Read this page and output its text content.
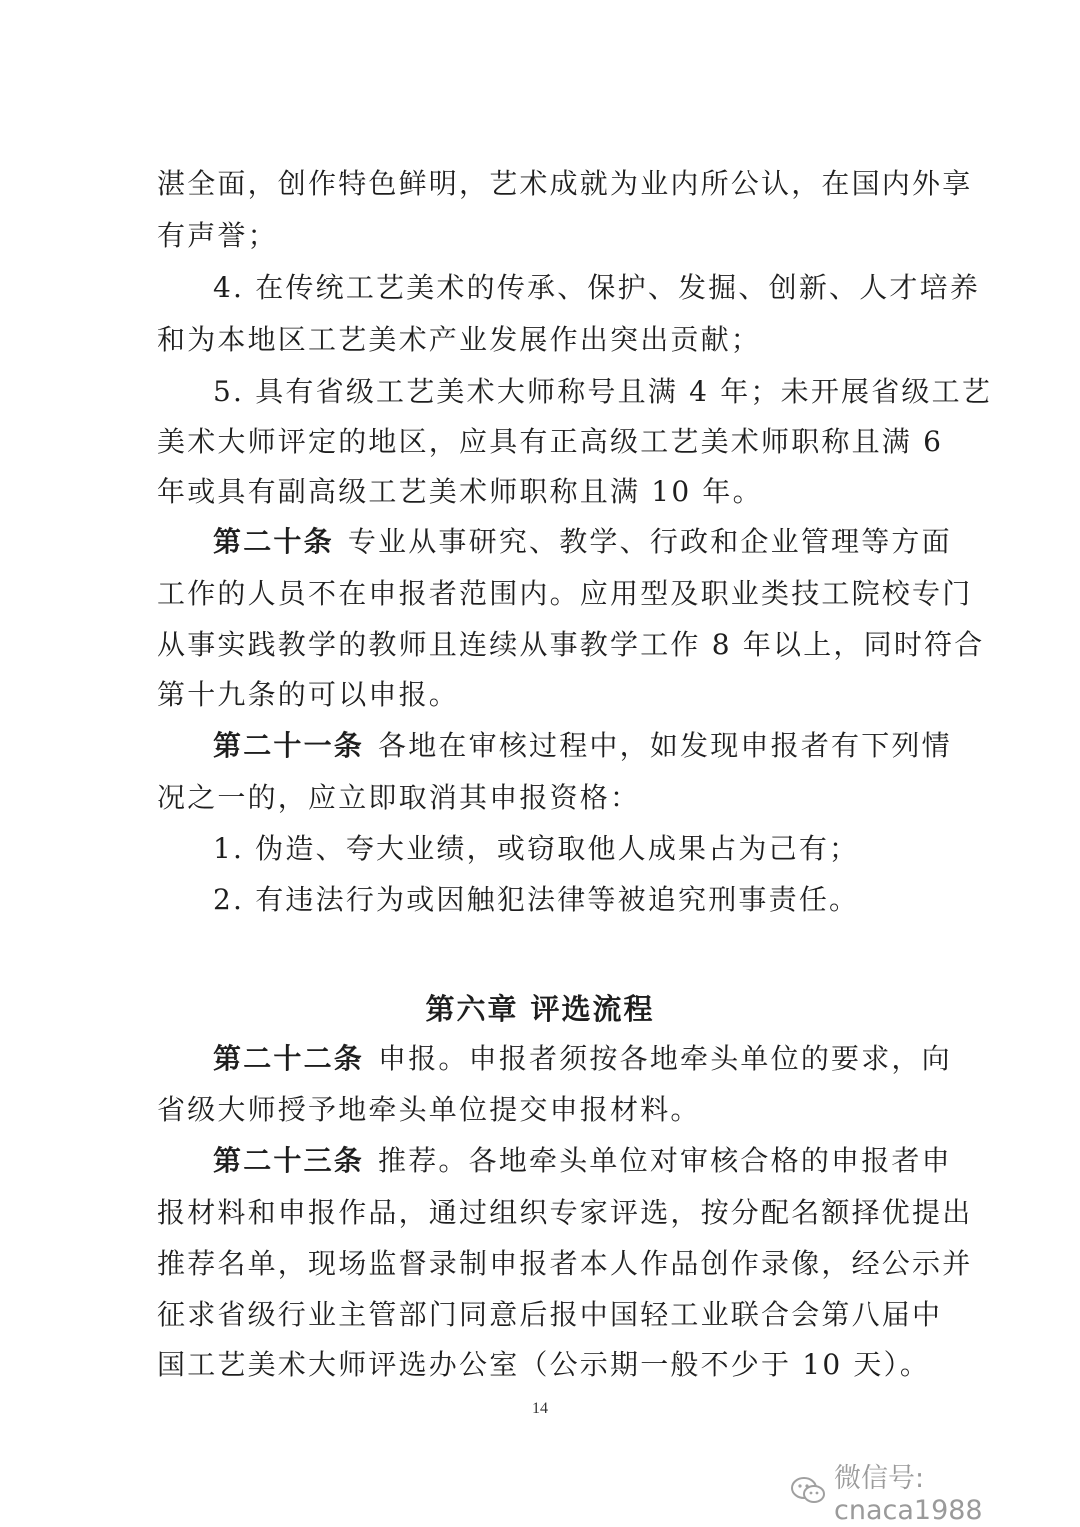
湛全面，创作特色鲜明，艺术成就为业内所公认，在国内外享
有声誉；
4. 在传统工艺美术的传承、保护、发掘、创新、人才培养
和为本地区工艺美术产业发展作出突出贡献；
5. 具有省级工艺美术大师称号且满 4 年；未开展省级工艺
美术大师评定的地区，应具有正高级工艺美术师职称且满 6
年或具有副高级工艺美术师职称且满 10 年。
第二十条 专业从事研究、教学、行政和企业管理等方面
工作的人员不在申报者范围内。应用型及职业类技工院校专门
从事实践教学的教师且连续从事教学工作 8 年以上，同时符合
第十九条的可以申报。
第二十一条 各地在审核过程中，如发现申报者有下列情
况之一的，应立即取消其申报资格：
1. 伪造、夸大业绩，或窃取他人成果占为己有；
2. 有违法行为或因触犯法律等被追究刑事责任。
第六章 评选流程
第二十二条 申报。申报者须按各地牵头单位的要求，向
省级大师授予地牵头单位提交申报材料。
第二十三条 推荐。各地牵头单位对审核合格的申报者申
报材料和申报作品，通过组织专家评选，按分配名额择优提出
推荐名单，现场监督录制申报者本人作品创作录像，经公示并
征求省级行业主管部门同意后报中国轻工业联合会第八届中
国工艺美术大师评选办公室（公示期一般不少于 10 天）。
14
微信号: cnaca1988
